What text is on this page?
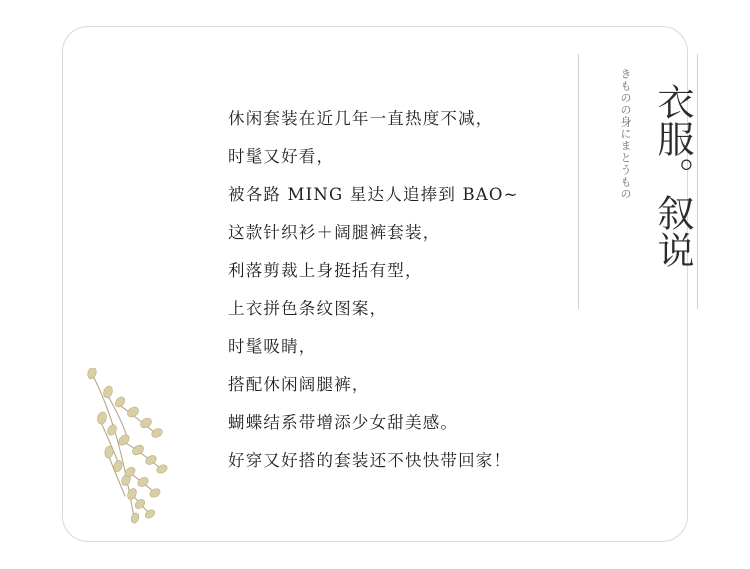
きものの身にまとうもの 衣服。叙说
休闲套装在近几年一直热度不减，
时髦又好看，
被各路 MING 星达人追捧到 BAO~
这款针织衫＋阔腿裤套装，
利落剪裁上身挺括有型，
上衣拼色条纹图案，
时髦吸睛，
搭配休闲阔腿裤，
蝴蝶结系带增添少女甜美感。
好穿又好搭的套装还不快快带回家！
